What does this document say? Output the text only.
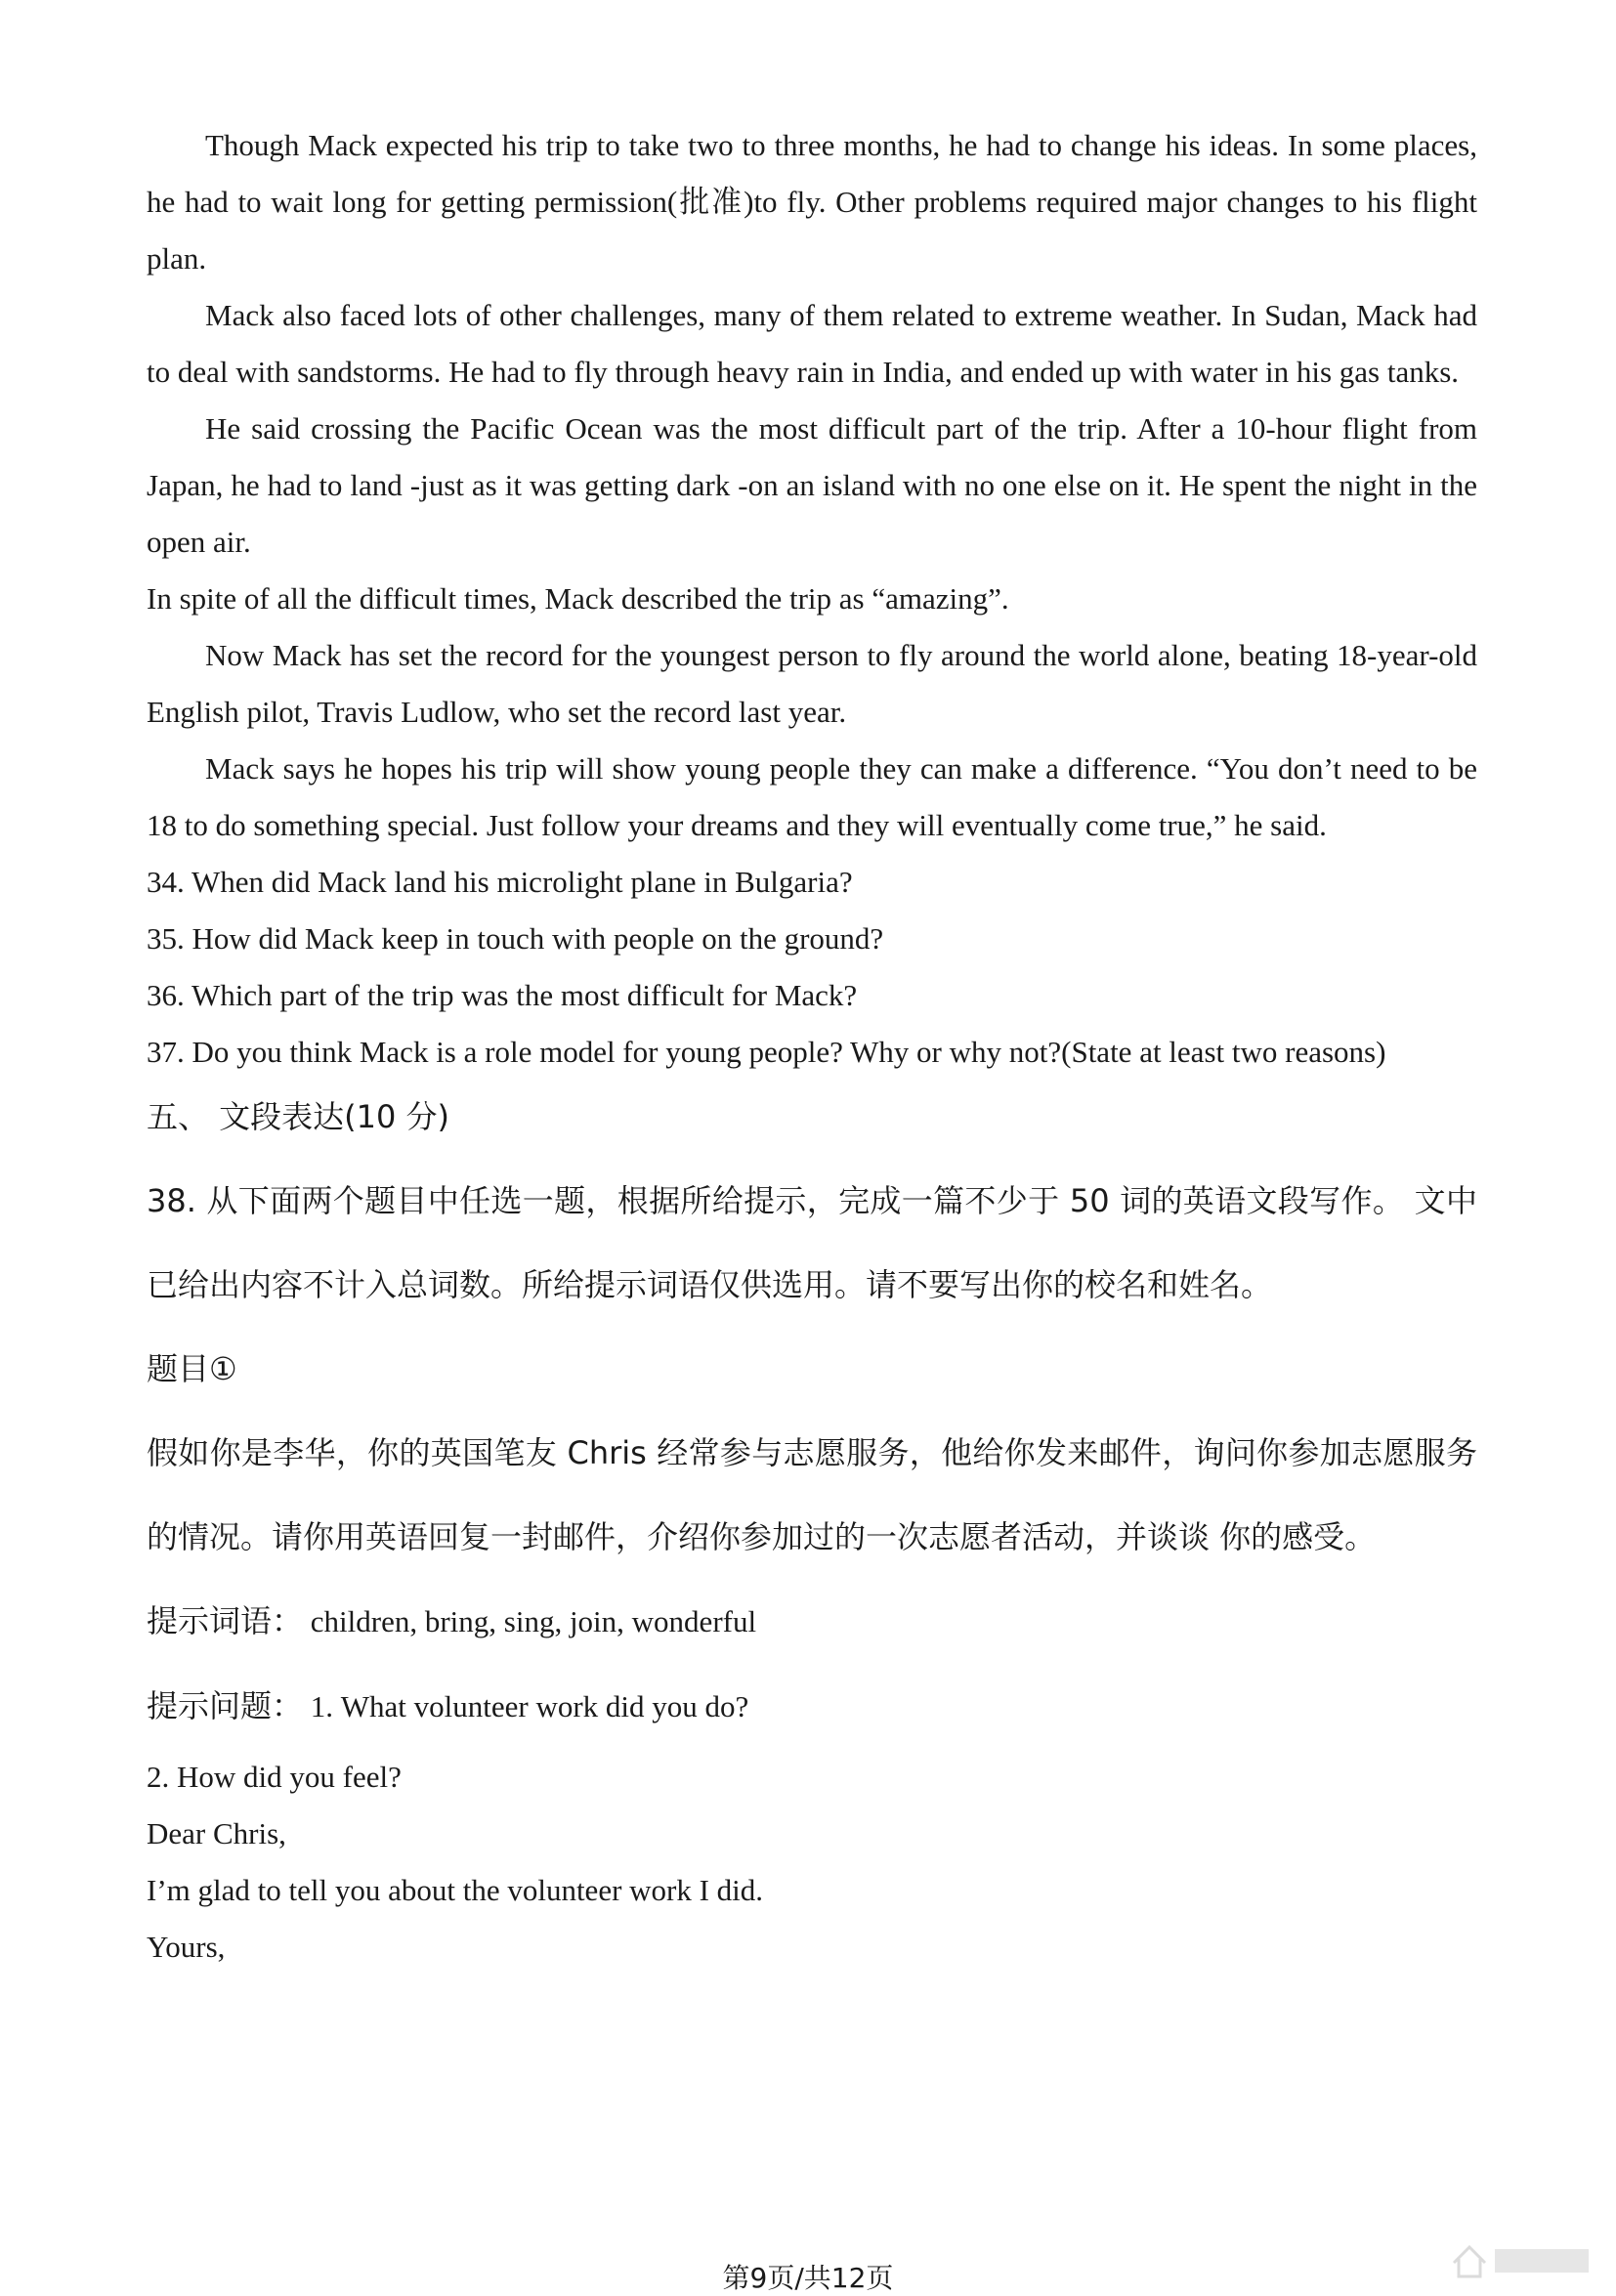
Though Mack expected his trip to take two to three months, he had to change his ideas. In some places, he had to wait long for getting permission(批准)to fly. Other problems required major changes to his flight plan.

Mack also faced lots of other challenges, many of them related to extreme weather. In Sudan, Mack had to deal with sandstorms. He had to fly through heavy rain in India, and ended up with water in his gas tanks.

He said crossing the Pacific Ocean was the most difficult part of the trip. After a 10-hour flight from Japan, he had to land -just as it was getting dark -on an island with no one else on it. He spent the night in the open air.

In spite of all the difficult times, Mack described the trip as “amazing”.

Now Mack has set the record for the youngest person to fly around the world alone, beating 18-year-old English pilot, Travis Ludlow, who set the record last year.

Mack says he hopes his trip will show young people they can make a difference. “You don’t need to be 18 to do something special. Just follow your dreams and they will eventually come true,” he said.

34. When did Mack land his microlight plane in Bulgaria?

35. How did Mack keep in touch with people on the ground?

36. Which part of the trip was the most difficult for Mack?

37. Do you think Mack is a role model for young people? Why or why not?(State at least two reasons)

五、 文段表达(10 分)

38. 从下面两个题目中任选一题，根据所给提示，完成一篇不少于 50 词的英语文段写作。 文中已给出内容不计入总词数。所给提示词语仅供选用。请不要写出你的校名和姓名。

题目①

假如你是李华，你的英国笔友 Chris 经常参与志愿服务，他给你发来邮件，询问你参加志愿服务的情况。请你用英语回复一封邮件，介绍你参加过的一次志愿者活动，并谈谈 你的感受。

提示词语： children, bring, sing, join, wonderful

提示问题： 1. What volunteer work did you do?

2. How did you feel?

Dear Chris,

I’m glad to tell you about the volunteer work I did.

Yours,

第9页/共12页
